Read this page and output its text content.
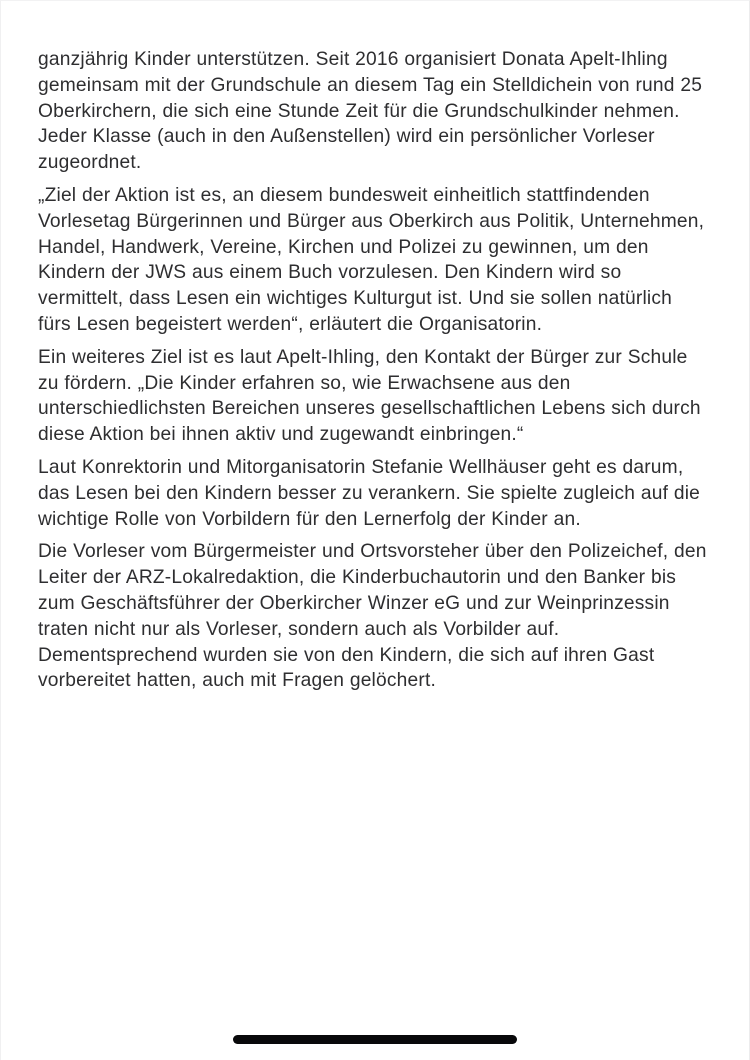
ganzjährig Kinder unterstützen. Seit 2016 organisiert Donata Apelt-Ihling gemeinsam mit der Grundschule an diesem Tag ein Stelldichein von rund 25 Oberkirchern, die sich eine Stunde Zeit für die Grundschulkinder nehmen. Jeder Klasse (auch in den Außenstellen) wird ein persönlicher Vorleser zugeordnet.

„Ziel der Aktion ist es, an diesem bundesweit einheitlich stattfindenden Vorlesetag Bürgerinnen und Bürger aus Oberkirch aus Politik, Unternehmen, Handel, Handwerk, Vereine, Kirchen und Polizei zu gewinnen, um den Kindern der JWS aus einem Buch vorzulesen. Den Kindern wird so vermittelt, dass Lesen ein wichtiges Kulturgut ist. Und sie sollen natürlich fürs Lesen begeistert werden“, erläutert die Organisatorin.

Ein weiteres Ziel ist es laut Apelt-Ihling, den Kontakt der Bürger zur Schule zu fördern. „Die Kinder erfahren so, wie Erwachsene aus den unterschiedlichsten Bereichen unseres gesellschaftlichen Lebens sich durch diese Aktion bei ihnen aktiv und zugewandt einbringen.“

Laut Konrektorin und Mitorganisatorin Stefanie Wellhäuser geht es darum, das Lesen bei den Kindern besser zu verankern. Sie spielte zugleich auf die wichtige Rolle von Vorbildern für den Lernerfolg der Kinder an.

Die Vorleser vom Bürgermeister und Ortsvorsteher über den Polizeichef, den Leiter der ARZ-Lokalredaktion, die Kinderbuchautorin und den Banker bis zum Geschäftsführer der Oberkircher Winzer eG und zur Weinprinzessin traten nicht nur als Vorleser, sondern auch als Vorbilder auf. Dementsprechend wurden sie von den Kindern, die sich auf ihren Gast vorbereitet hatten, auch mit Fragen gelöchert.
